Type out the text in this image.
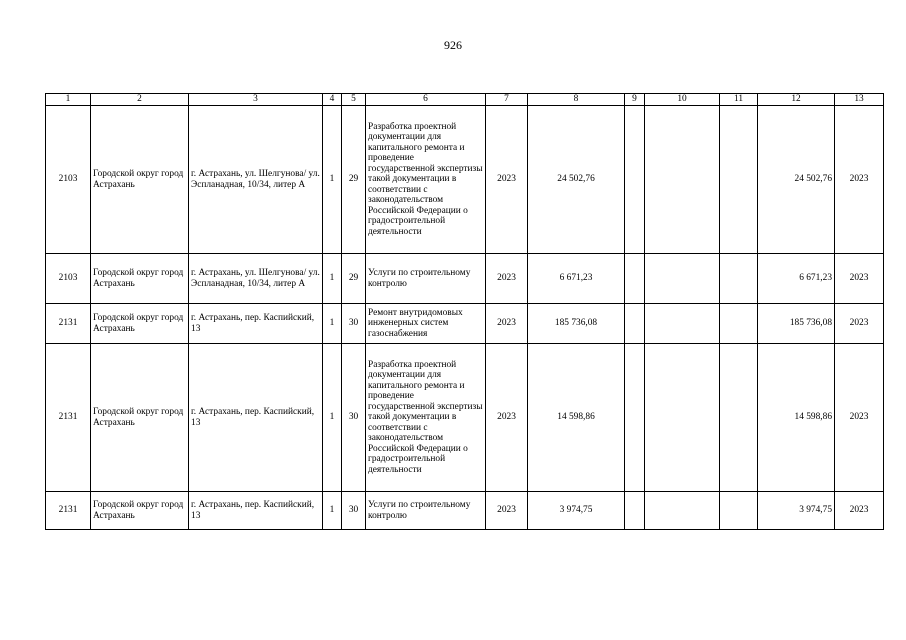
926
1	2	3	4	5	6	7	8	9	10	11	12	13
2103	Городской округ город Астрахань	г. Астрахань, ул. Шелгунова/ ул. Эспланадная, 10/34, литер А	1	29	Разработка проектной документации для капитального ремонта и проведение государственной экспертизы такой документации в соответствии с законодательством Российской Федерации о градостроительной деятельности	2023	24 502,76				24 502,76	2023
2103	Городской округ город Астрахань	г. Астрахань, ул. Шелгунова/ ул. Эспланадная, 10/34, литер А	1	29	Услуги по строительному контролю	2023	6 671,23				6 671,23	2023
2131	Городской округ город Астрахань	г. Астрахань, пер. Каспийский, 13	1	30	Ремонт внутридомовых инженерных систем газоснабжения	2023	185 736,08				185 736,08	2023
2131	Городской округ город Астрахань	г. Астрахань, пер. Каспийский, 13	1	30	Разработка проектной документации для капитального ремонта и проведение государственной экспертизы такой документации в соответствии с законодательством Российской Федерации о градостроительной деятельности	2023	14 598,86				14 598,86	2023
2131	Городской округ город Астрахань	г. Астрахань, пер. Каспийский, 13	1	30	Услуги по строительному контролю	2023	3 974,75				3 974,75	2023
